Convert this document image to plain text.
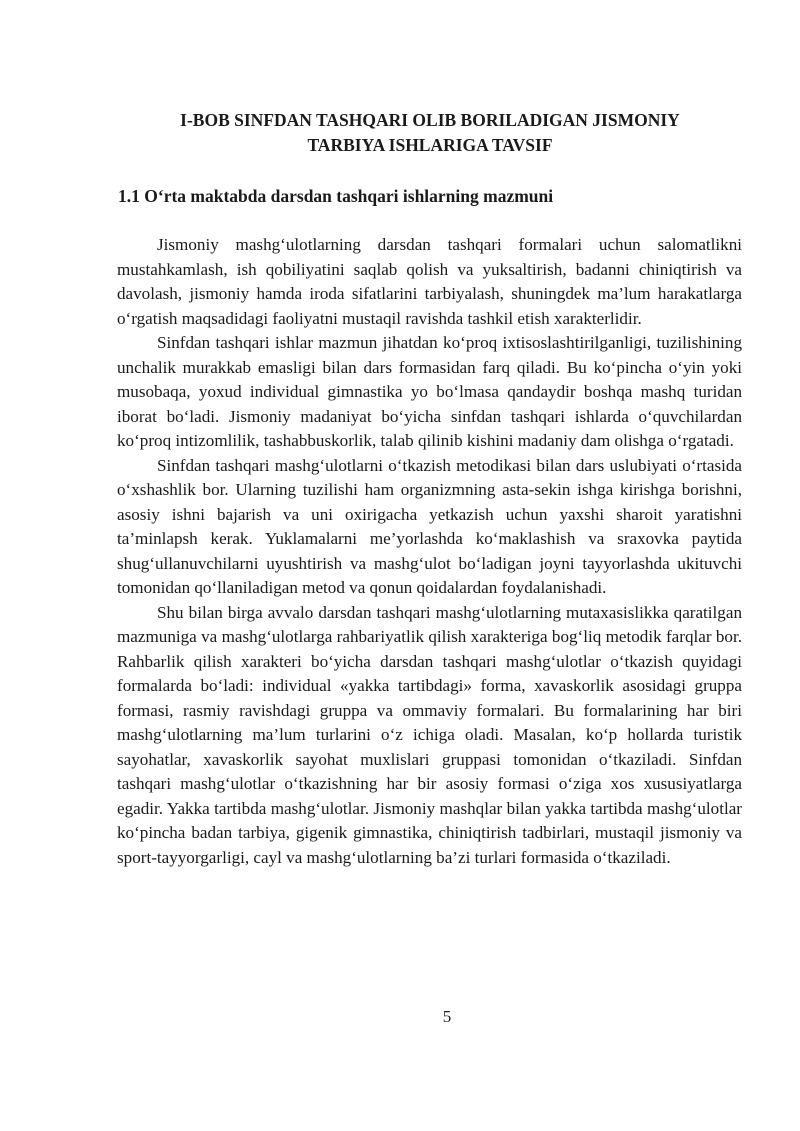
I-BOB SINFDAN TASHQARI OLIB BORILADIGAN JISMONIY
TARBIYA ISHLARIGA TAVSIF
1.1 O‘rta maktabda darsdan tashqari ishlarning mazmuni

Jismoniy mashg‘ulotlarning darsdan tashqari formalari uchun salomatlikni mustahkamlash, ish qobiliyatini saqlab qolish va yuksaltirish, badanni chiniqtirish va davolash, jismoniy hamda iroda sifatlarini tarbiyalash, shuningdek ma’lum harakatlarga o‘rgatish maqsadidagi faoliyatni mustaqil ravishda tashkil etish xarakterlidir.

Sinfdan tashqari ishlar mazmun jihatdan ko‘proq ixtisoslashtirilganligi, tuzilishining unchalik murakkab emasligi bilan dars formasidan farq qiladi. Bu ko‘pincha o‘yin yoki musobaqa, yoxud individual gimnastika yo bo‘lmasa qandaydir boshqa mashq turidan iborat bo‘ladi. Jismoniy madaniyat bo‘yicha sinfdan tashqari ishlarda o‘quvchilardan ko‘proq intizomlilik, tashabbuskorlik, talab qilinib kishini madaniy dam olishga o‘rgatadi.

Sinfdan tashqari mashg‘ulotlarni o‘tkazish metodikasi bilan dars uslubiyati o‘rtasida o‘xshashlik bor. Ularning tuzilishi ham organizmning asta-sekin ishga kirishga borishni, asosiy ishni bajarish va uni oxirigacha yetkazish uchun yaxshi sharoit yaratishni ta’minlapsh kerak. Yuklamalarni me’yorlashda ko‘maklashish va sraxovka paytida shug‘ullanuvchilarni uyushtirish va mashg‘ulot bo‘ladigan joyni tayyorlashda ukituvchi tomonidan qo‘llaniladigan metod va qonun qoidalardan foydalanishadi.

Shu bilan birga avvalo darsdan tashqari mashg‘ulotlarning mutaxasislikka qaratilgan mazmuniga va mashg‘ulotlarga rahbariyatlik qilish xarakteriga bog‘liq metodik farqlar bor. Rahbarlik qilish xarakteri bo‘yicha darsdan tashqari mashg‘ulotlar o‘tkazish quyidagi formalarda bo‘ladi: individual «yakka tartibdagi» forma, xavaskorlik asosidagi gruppa formasi, rasmiy ravishdagi gruppa va ommaviy formalari. Bu formalarining har biri mashg‘ulotlarning ma’lum turlarini o‘z ichiga oladi. Masalan, ko‘p hollarda turistik sayohatlar, xavaskorlik sayohat muxlislari gruppasi tomonidan o‘tkaziladi. Sinfdan tashqari mashg‘ulotlar o‘tkazishning har bir asosiy formasi o‘ziga xos xususiyatlarga egadir. Yakka tartibda mashg‘ulotlar. Jismoniy mashqlar bilan yakka tartibda mashg‘ulotlar ko‘pincha badan tarbiya, gigenik gimnastika, chiniqtirish tadbirlari, mustaqil jismoniy va sport-tayyorgarligi, cayl va mashg‘ulotlarning ba’zi turlari formasida o‘tkaziladi.

5
